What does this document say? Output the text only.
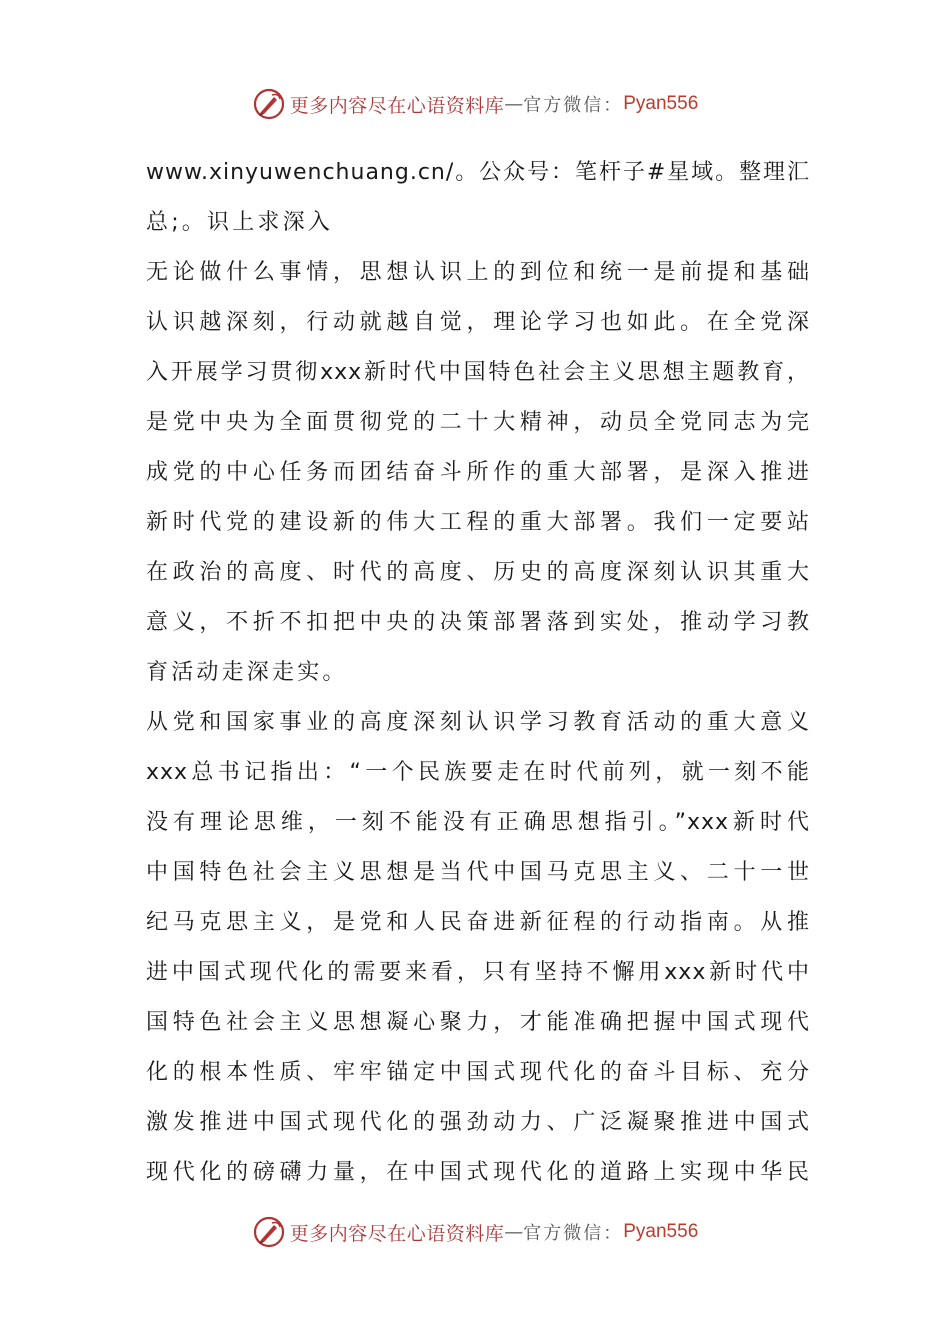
更多内容尽在心语资料库 — 官方微信： Pyan556
www.xinyuwenchuang.cn/。公众号：笔杆子#星域。整理汇
总;。识上求深入
无论做什么事情，思想认识上的到位和统一是前提和基础
认识越深刻，行动就越自觉，理论学习也如此。在全党深
入开展学习贯彻xxx新时代中国特色社会主义思想主题教育，
是党中央为全面贯彻党的二十大精神，动员全党同志为完
成党的中心任务而团结奋斗所作的重大部署，是深入推进
新时代党的建设新的伟大工程的重大部署。我们一定要站
在政治的高度、时代的高度、历史的高度深刻认识其重大
意义，不折不扣把中央的决策部署落到实处，推动学习教
育活动走深走实。
从党和国家事业的高度深刻认识学习教育活动的重大意义
xxx总书记指出：“一个民族要走在时代前列，就一刻不能
没有理论思维，一刻不能没有正确思想指引。”xxx新时代
中国特色社会主义思想是当代中国马克思主义、二十一世
纪马克思主义，是党和人民奋进新征程的行动指南。从推
进中国式现代化的需要来看，只有坚持不懈用xxx新时代中
国特色社会主义思想凝心聚力，才能准确把握中国式现代
化的根本性质、牢牢锚定中国式现代化的奋斗目标、充分
激发推进中国式现代化的强劲动力、广泛凝聚推进中国式
现代化的磅礴力量，在中国式现代化的道路上实现中华民
更多内容尽在心语资料库 — 官方微信： Pyan556
